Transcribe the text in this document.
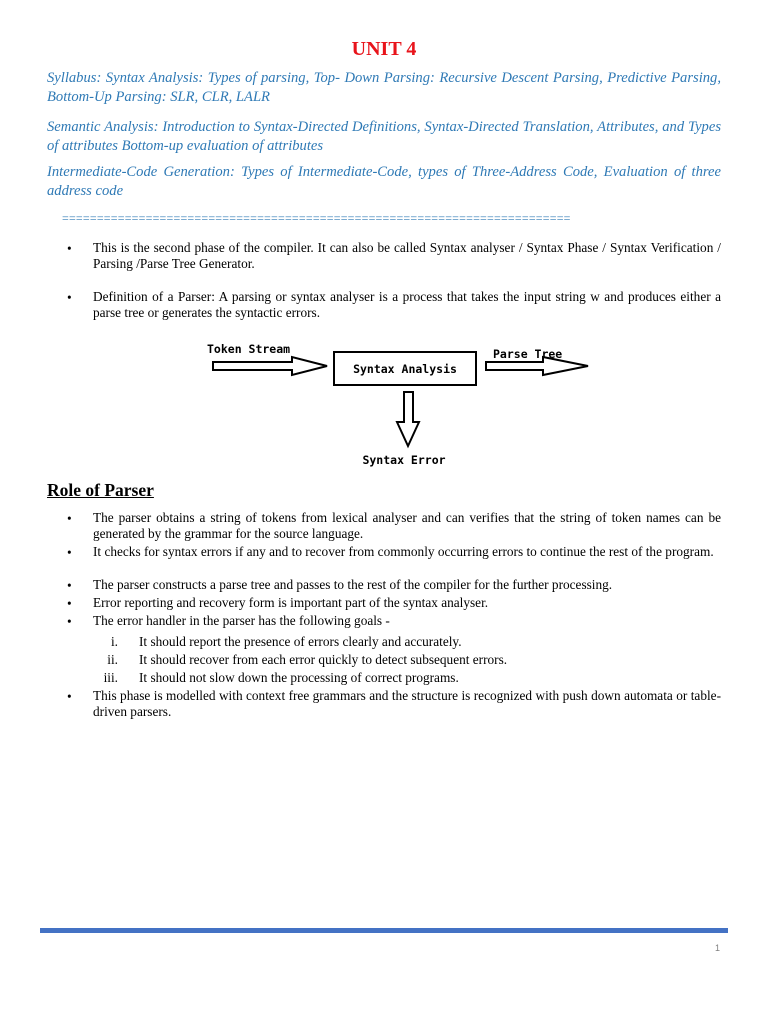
UNIT 4
Syllabus: Syntax Analysis: Types of parsing, Top- Down Parsing: Recursive Descent Parsing, Predictive Parsing, Bottom-Up Parsing: SLR, CLR, LALR
Semantic Analysis: Introduction to Syntax-Directed Definitions, Syntax-Directed Translation, Attributes, and Types of attributes Bottom-up evaluation of attributes
Intermediate-Code Generation: Types of Intermediate-Code, types of Three-Address Code, Evaluation of three address code
=========================================================================
• This is the second phase of the compiler. It can also be called Syntax analyser / Syntax Phase / Syntax Verification / Parsing /Parse Tree Generator.
• Definition of a Parser: A parsing or syntax analyser is a process that takes the input string w and produces either a parse tree or generates the syntactic errors.
Token Stream
Syntax Analysis
Parse Tree
Syntax Error
Role of Parser
• The parser obtains a string of tokens from lexical analyser and can verifies that the string of token names can be generated by the grammar for the source language.
• It checks for syntax errors if any and to recover from commonly occurring errors to continue the rest of the program.
• The parser constructs a parse tree and passes to the rest of the compiler for the further processing.
• Error reporting and recovery form is important part of the syntax analyser.
• The error handler in the parser has the following goals -
i. It should report the presence of errors clearly and accurately.
ii. It should recover from each error quickly to detect subsequent errors.
iii. It should not slow down the processing of correct programs.
• This phase is modelled with context free grammars and the structure is recognized with push down automata or table-driven parsers.
1
